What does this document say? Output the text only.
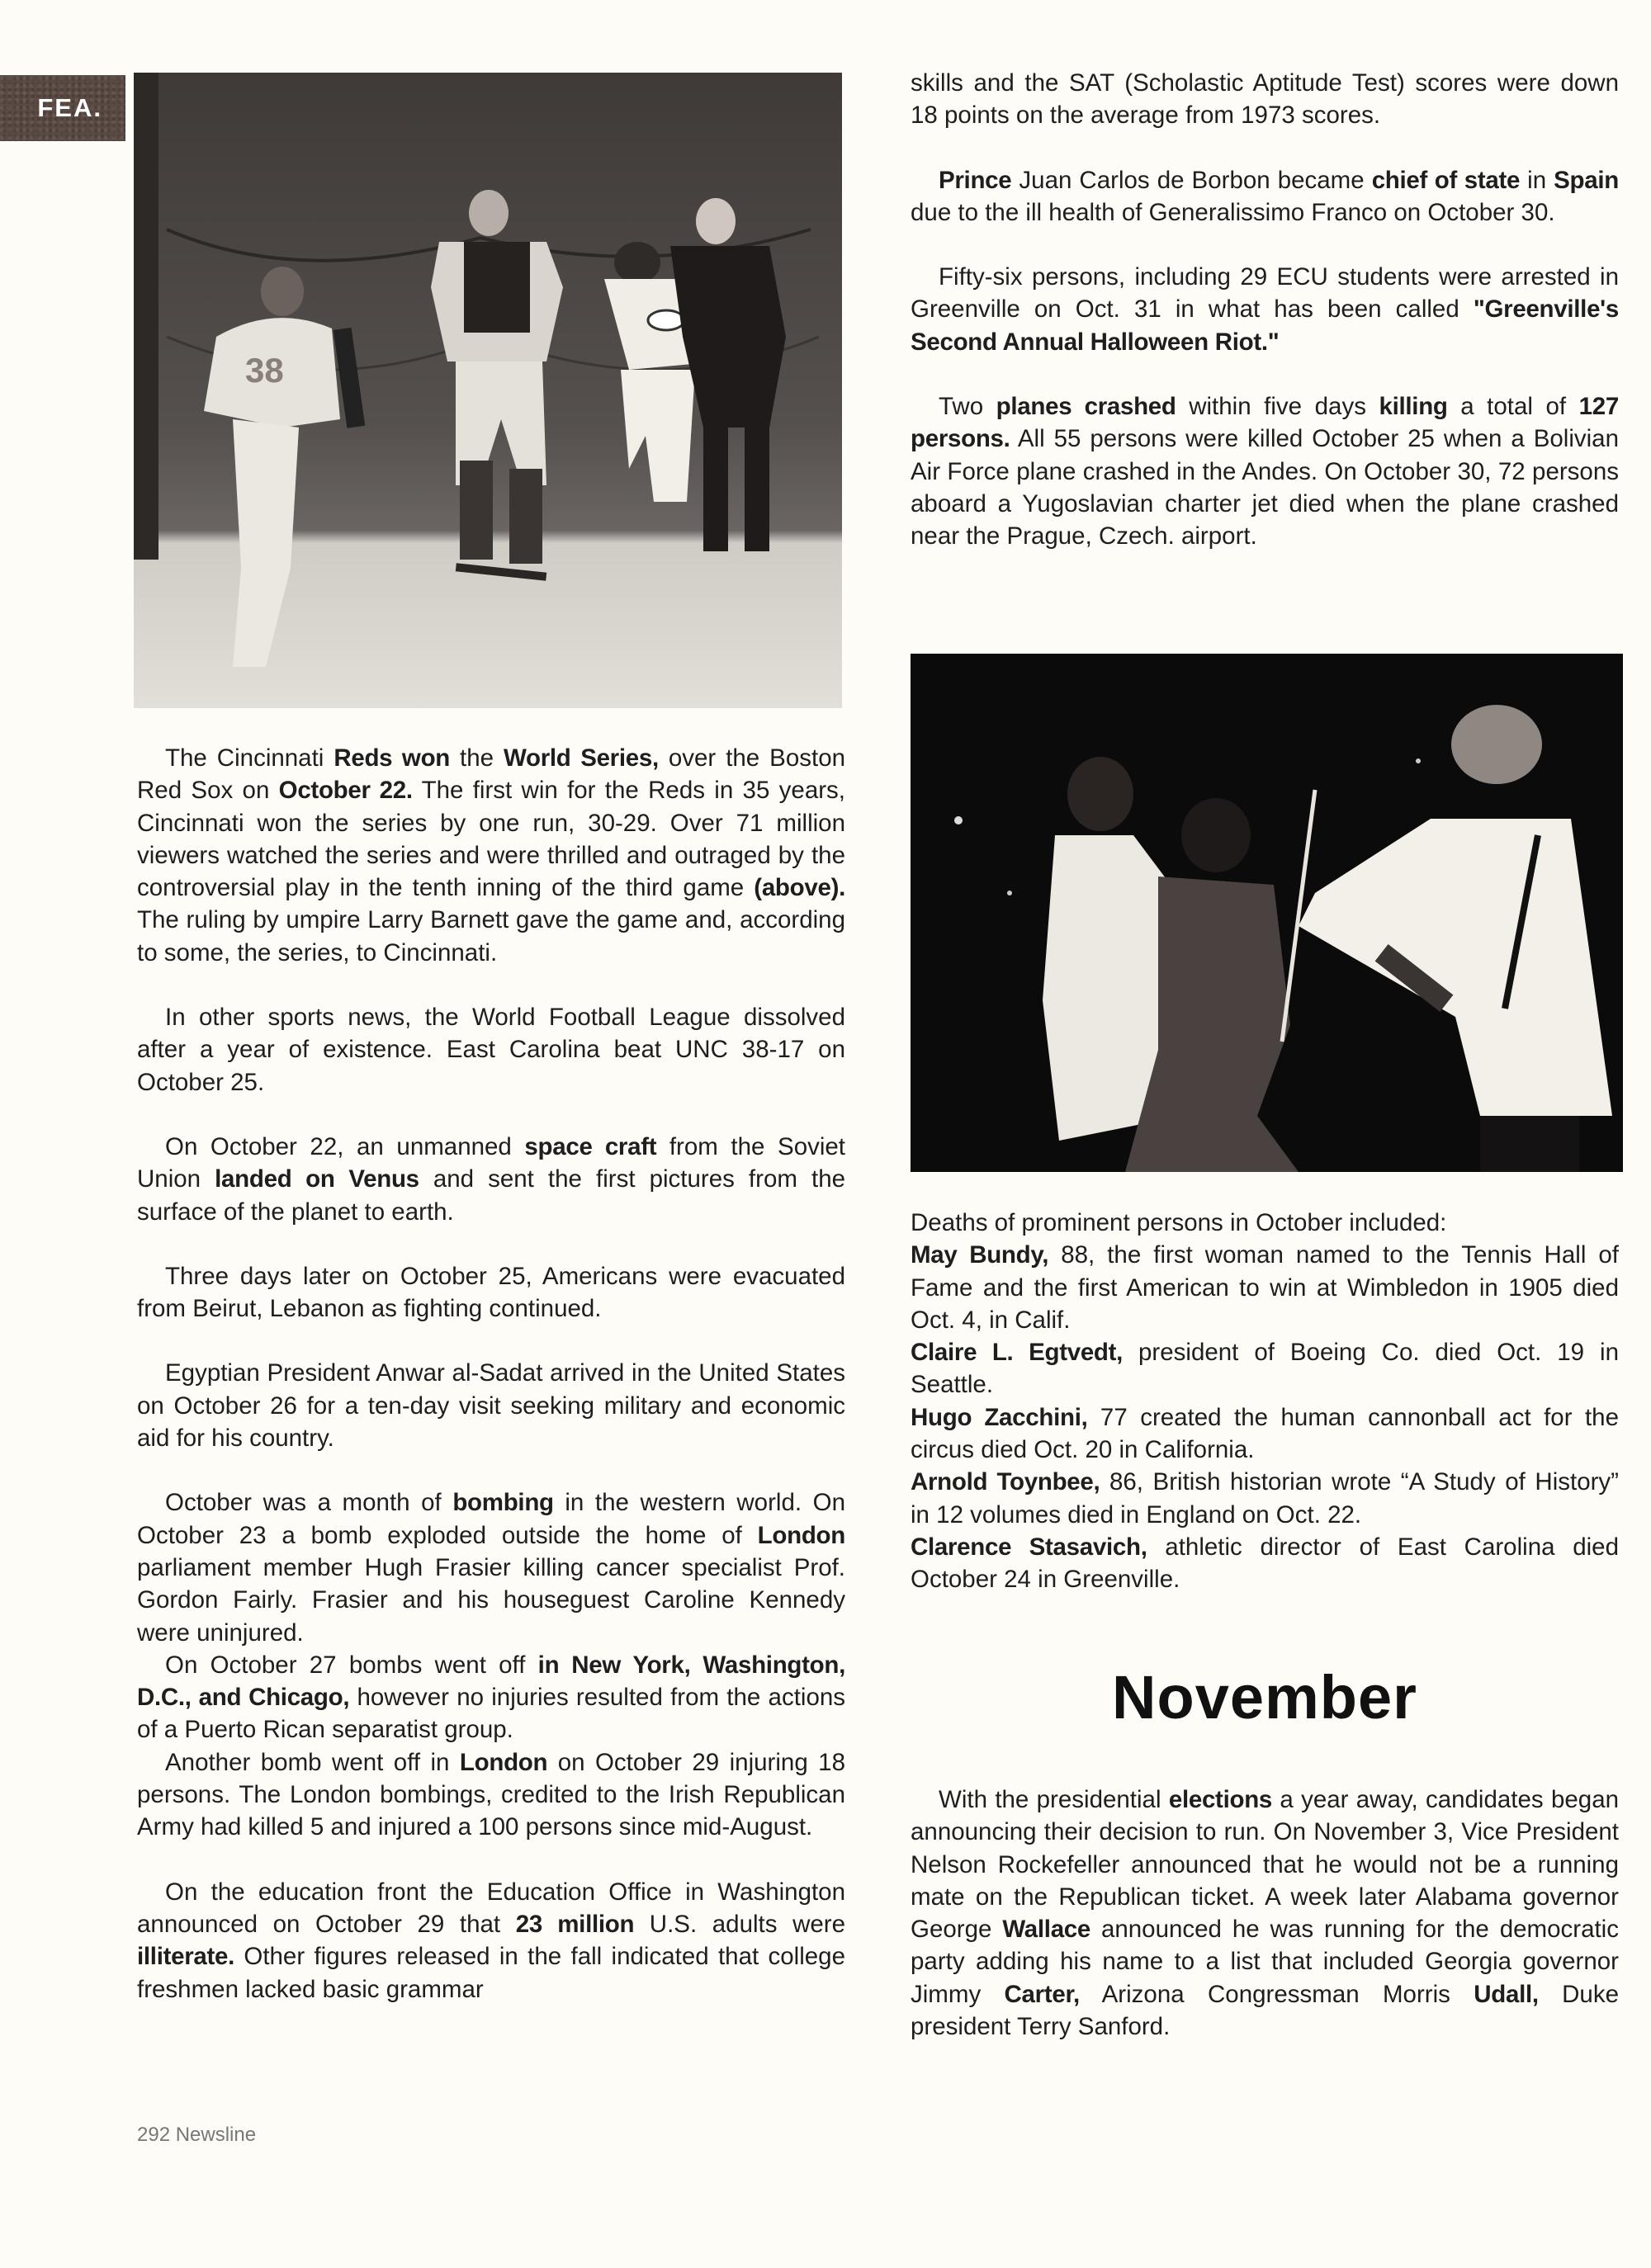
FEA.
38

The Cincinnati Reds won the World Series, over the Boston Red Sox on October 22. The first win for the Reds in 35 years, Cincinnati won the series by one run, 30-29. Over 71 million viewers watched the series and were thrilled and outraged by the controversial play in the tenth inning of the third game (above). The ruling by umpire Larry Barnett gave the game and, according to some, the series, to Cincinnati.

In other sports news, the World Football League dissolved after a year of existence. East Carolina beat UNC 38-17 on October 25.

On October 22, an unmanned space craft from the Soviet Union landed on Venus and sent the first pictures from the surface of the planet to earth.

Three days later on October 25, Americans were evacuated from Beirut, Lebanon as fighting continued.

Egyptian President Anwar al-Sadat arrived in the United States on October 26 for a ten-day visit seeking military and economic aid for his country.

October was a month of bombing in the western world. On October 23 a bomb exploded outside the home of London parliament member Hugh Frasier killing cancer specialist Prof. Gordon Fairly. Frasier and his houseguest Caroline Kennedy were uninjured.

On October 27 bombs went off in New York, Washington, D.C., and Chicago, however no injuries resulted from the actions of a Puerto Rican separatist group.

Another bomb went off in London on October 29 injuring 18 persons. The London bombings, credited to the Irish Republican Army had killed 5 and injured a 100 persons since mid-August.

On the education front the Education Office in Washington announced on October 29 that 23 million U.S. adults were illiterate. Other figures released in the fall indicated that college freshmen lacked basic grammar

skills and the SAT (Scholastic Aptitude Test) scores were down 18 points on the average from 1973 scores.

Prince Juan Carlos de Borbon became chief of state in Spain due to the ill health of Generalissimo Franco on October 30.

Fifty-six persons, including 29 ECU students were arrested in Greenville on Oct. 31 in what has been called "Greenville's Second Annual Halloween Riot."

Two planes crashed within five days killing a total of 127 persons. All 55 persons were killed October 25 when a Bolivian Air Force plane crashed in the Andes. On October 30, 72 persons aboard a Yugoslavian charter jet died when the plane crashed near the Prague, Czech. airport.

Deaths of prominent persons in October included:

May Bundy, 88, the first woman named to the Tennis Hall of Fame and the first American to win at Wimbledon in 1905 died Oct. 4, in Calif.

Claire L. Egtvedt, president of Boeing Co. died Oct. 19 in Seattle.

Hugo Zacchini, 77 created the human cannonball act for the circus died Oct. 20 in California.

Arnold Toynbee, 86, British historian wrote “A Study of History” in 12 volumes died in England on Oct. 22.

Clarence Stasavich, athletic director of East Carolina died October 24 in Greenville.

November

With the presidential elections a year away, candidates began announcing their decision to run. On November 3, Vice President Nelson Rockefeller announced that he would not be a running mate on the Republican ticket. A week later Alabama governor George Wallace announced he was running for the democratic party adding his name to a list that included Georgia governor Jimmy Carter, Arizona Congressman Morris Udall, Duke president Terry Sanford.

292 Newsline
